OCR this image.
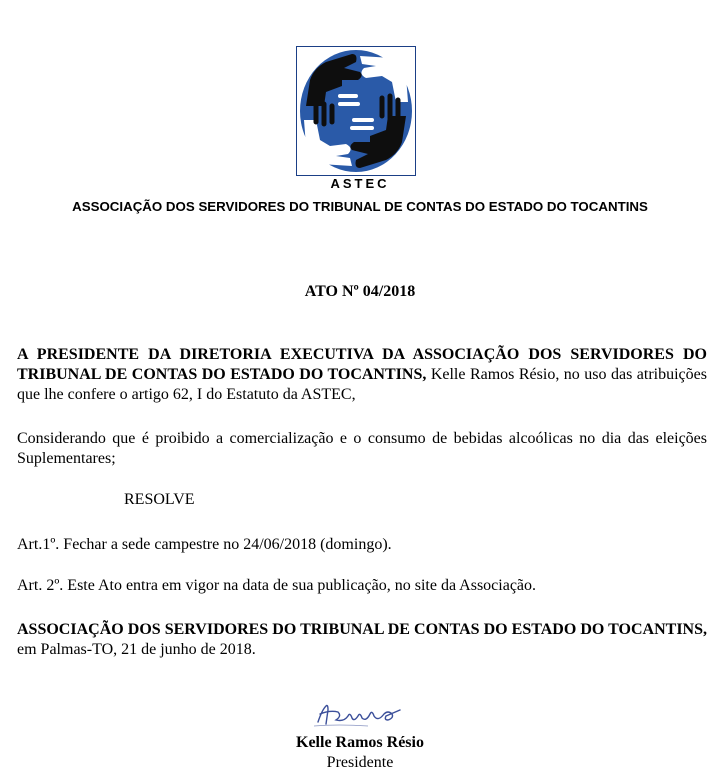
ASTEC
ASSOCIAÇÃO DOS SERVIDORES DO TRIBUNAL DE CONTAS DO ESTADO DO TOCANTINS
ATO Nº 04/2018
A PRESIDENTE DA DIRETORIA EXECUTIVA DA ASSOCIAÇÃO DOS SERVIDORES DO TRIBUNAL DE CONTAS DO ESTADO DO TOCANTINS, Kelle Ramos Résio, no uso das atribuições que lhe confere o artigo 62, I do Estatuto da ASTEC,
Considerando que é proibido a comercialização e o consumo de bebidas alcoólicas no dia das eleições Suplementares;
RESOLVE
Art.1º. Fechar a sede campestre no 24/06/2018 (domingo).
Art. 2º. Este Ato entra em vigor na data de sua publicação, no site da Associação.
ASSOCIAÇÃO DOS SERVIDORES DO TRIBUNAL DE CONTAS DO ESTADO DO TOCANTINS, em Palmas-TO, 21 de junho de 2018.
Kelle Ramos Résio
Presidente
